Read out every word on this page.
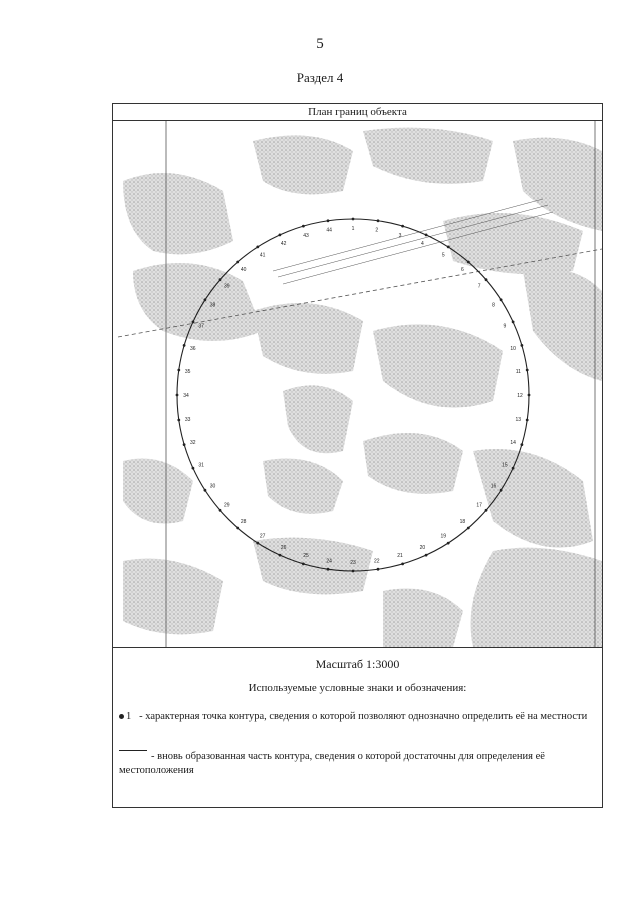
5
Раздел 4
План границ объекта
1	2
3
4
5
6
7
8
9
10
11
12
13
14
15
16
17
18
19
20
21
22
23
24
25
26
27
28
29
30
31
32
33
34
35
36
37
38
39
40
41
42
43
44
Масштаб 1:3000
Используемые условные знаки и обозначения:
1 - характерная точка контура, сведения о которой позволяют однозначно определить её на местности
- вновь образованная часть контура, сведения о которой достаточны для определения её местоположения
